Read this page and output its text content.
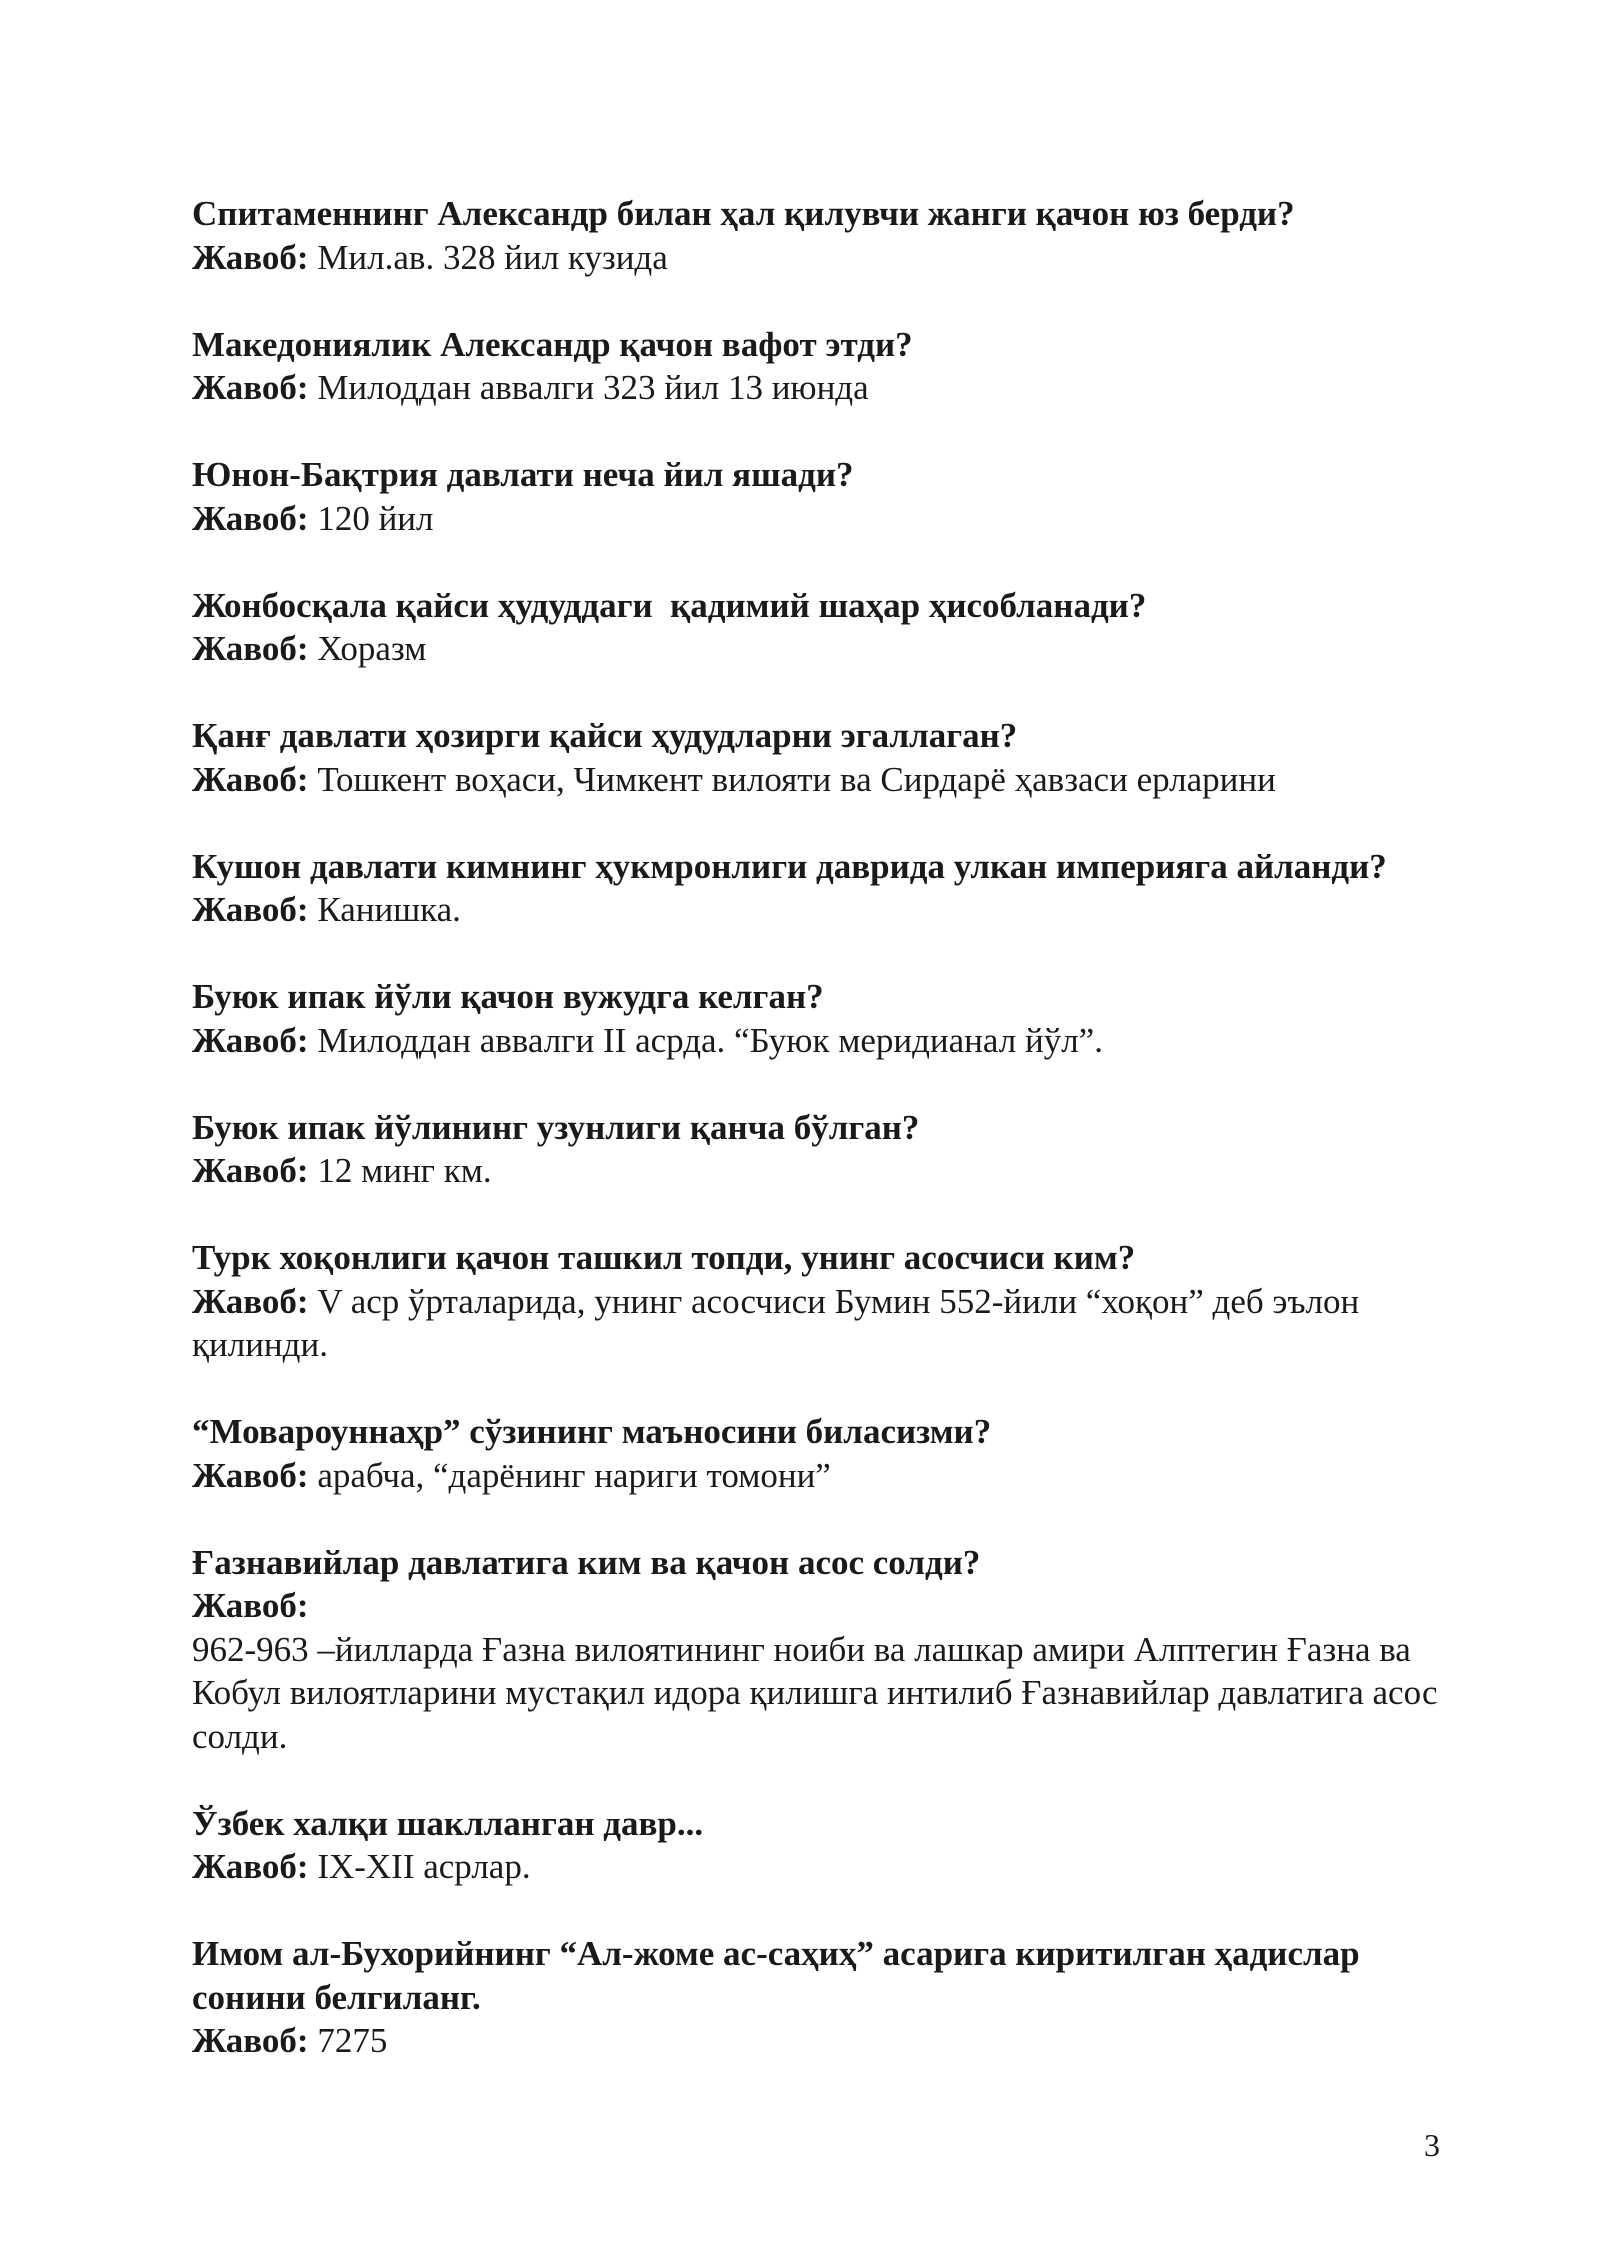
Спитаменнинг Александр билан ҳал қилувчи жанги қачон юз берди?

Жавоб: Мил.ав. 328 йил кузида

Македониялик Александр қачон вафот этди?

Жавоб: Милоддан аввалги 323 йил 13 июнда

Юнон-Бақтрия давлати неча йил яшади?

Жавоб: 120 йил

Жонбосқала қайси ҳудуддаги  қадимий шаҳар ҳисобланади?

Жавоб: Хоразм

Қанғ давлати ҳозирги қайси ҳудудларни эгаллаган?

Жавоб: Тошкент воҳаси, Чимкент вилояти ва Сирдарё ҳавзаси ерларини

Кушон давлати кимнинг ҳукмронлиги даврида улкан империяга айланди?

Жавоб: Канишка.

Буюк ипак йўли қачон вужудга келган?

Жавоб: Милоддан аввалги II асрда. “Буюк меридианал йўл”.

Буюк ипак йўлининг узунлиги қанча бўлган?

Жавоб: 12 минг км.

Турк хоқонлиги қачон ташкил топди, унинг асосчиси ким?

Жавоб: V аср ўрталарида, унинг асосчиси Бумин 552-йили “хоқон” деб эълон қилинди.

“Мовароуннаҳр” сўзининг маъносини биласизми?

Жавоб: арабча, “дарёнинг нариги томони”

Ғазнавийлар давлатига ким ва қачон асос солди?

Жавоб:

962-963 –йилларда Ғазна вилоятининг ноиби ва лашкар амири Алптегин Ғазна ва Кобул вилоятларини мустақил идора қилишга интилиб Ғазнавийлар давлатига асос солди.

Ўзбек халқи шаклланган давр...

Жавоб: IX-XII асрлар.

Имом ал-Бухорийнинг “Ал-жоме ас-саҳиҳ” асарига киритилган ҳадислар сонини белгиланг.

Жавоб: 7275

3
